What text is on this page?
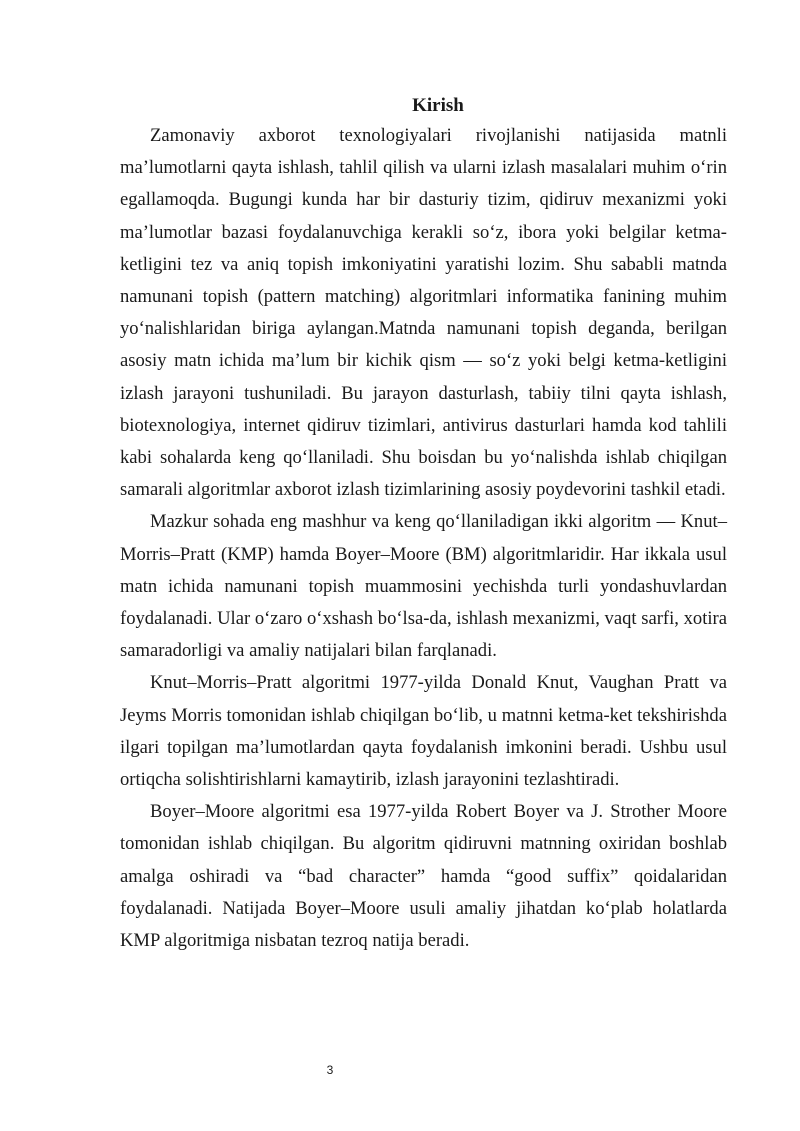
Kirish

Zamonaviy axborot texnologiyalari rivojlanishi natijasida matnli ma’lumotlarni qayta ishlash, tahlil qilish va ularni izlash masalalari muhim o‘rin egallamoqda. Bugungi kunda har bir dasturiy tizim, qidiruv mexanizmi yoki ma’lumotlar bazasi foydalanuvchiga kerakli so‘z, ibora yoki belgilar ketma-ketligini tez va aniq topish imkoniyatini yaratishi lozim. Shu sababli matnda namunani topish (pattern matching) algoritmlari informatika fanining muhim yo‘nalishlaridan biriga aylangan.Matnda namunani topish deganda, berilgan asosiy matn ichida ma’lum bir kichik qism — so‘z yoki belgi ketma-ketligini izlash jarayoni tushuniladi. Bu jarayon dasturlash, tabiiy tilni qayta ishlash, biotexnologiya, internet qidiruv tizimlari, antivirus dasturlari hamda kod tahlili kabi sohalarda keng qo‘llaniladi. Shu boisdan bu yo‘nalishda ishlab chiqilgan samarali algoritmlar axborot izlash tizimlarining asosiy poydevorini tashkil etadi.

Mazkur sohada eng mashhur va keng qo‘llaniladigan ikki algoritm — Knut–Morris–Pratt (KMP) hamda Boyer–Moore (BM) algoritmlaridir. Har ikkala usul matn ichida namunani topish muammosini yechishda turli yondashuvlardan foydalanadi. Ular o‘zaro o‘xshash bo‘lsa-da, ishlash mexanizmi, vaqt sarfi, xotira samaradorligi va amaliy natijalari bilan farqlanadi.

Knut–Morris–Pratt algoritmi 1977-yilda Donald Knut, Vaughan Pratt va Jeyms Morris tomonidan ishlab chiqilgan bo‘lib, u matnni ketma-ket tekshirishda ilgari topilgan ma’lumotlardan qayta foydalanish imkonini beradi. Ushbu usul ortiqcha solishtirishlarni kamaytirib, izlash jarayonini tezlashtiradi.

Boyer–Moore algoritmi esa 1977-yilda Robert Boyer va J. Strother Moore tomonidan ishlab chiqilgan. Bu algoritm qidiruvni matnning oxiridan boshlab amalga oshiradi va “bad character” hamda “good suffix” qoidalaridan foydalanadi. Natijada Boyer–Moore usuli amaliy jihatdan ko‘plab holatlarda KMP algoritmiga nisbatan tezroq natija beradi.

3
